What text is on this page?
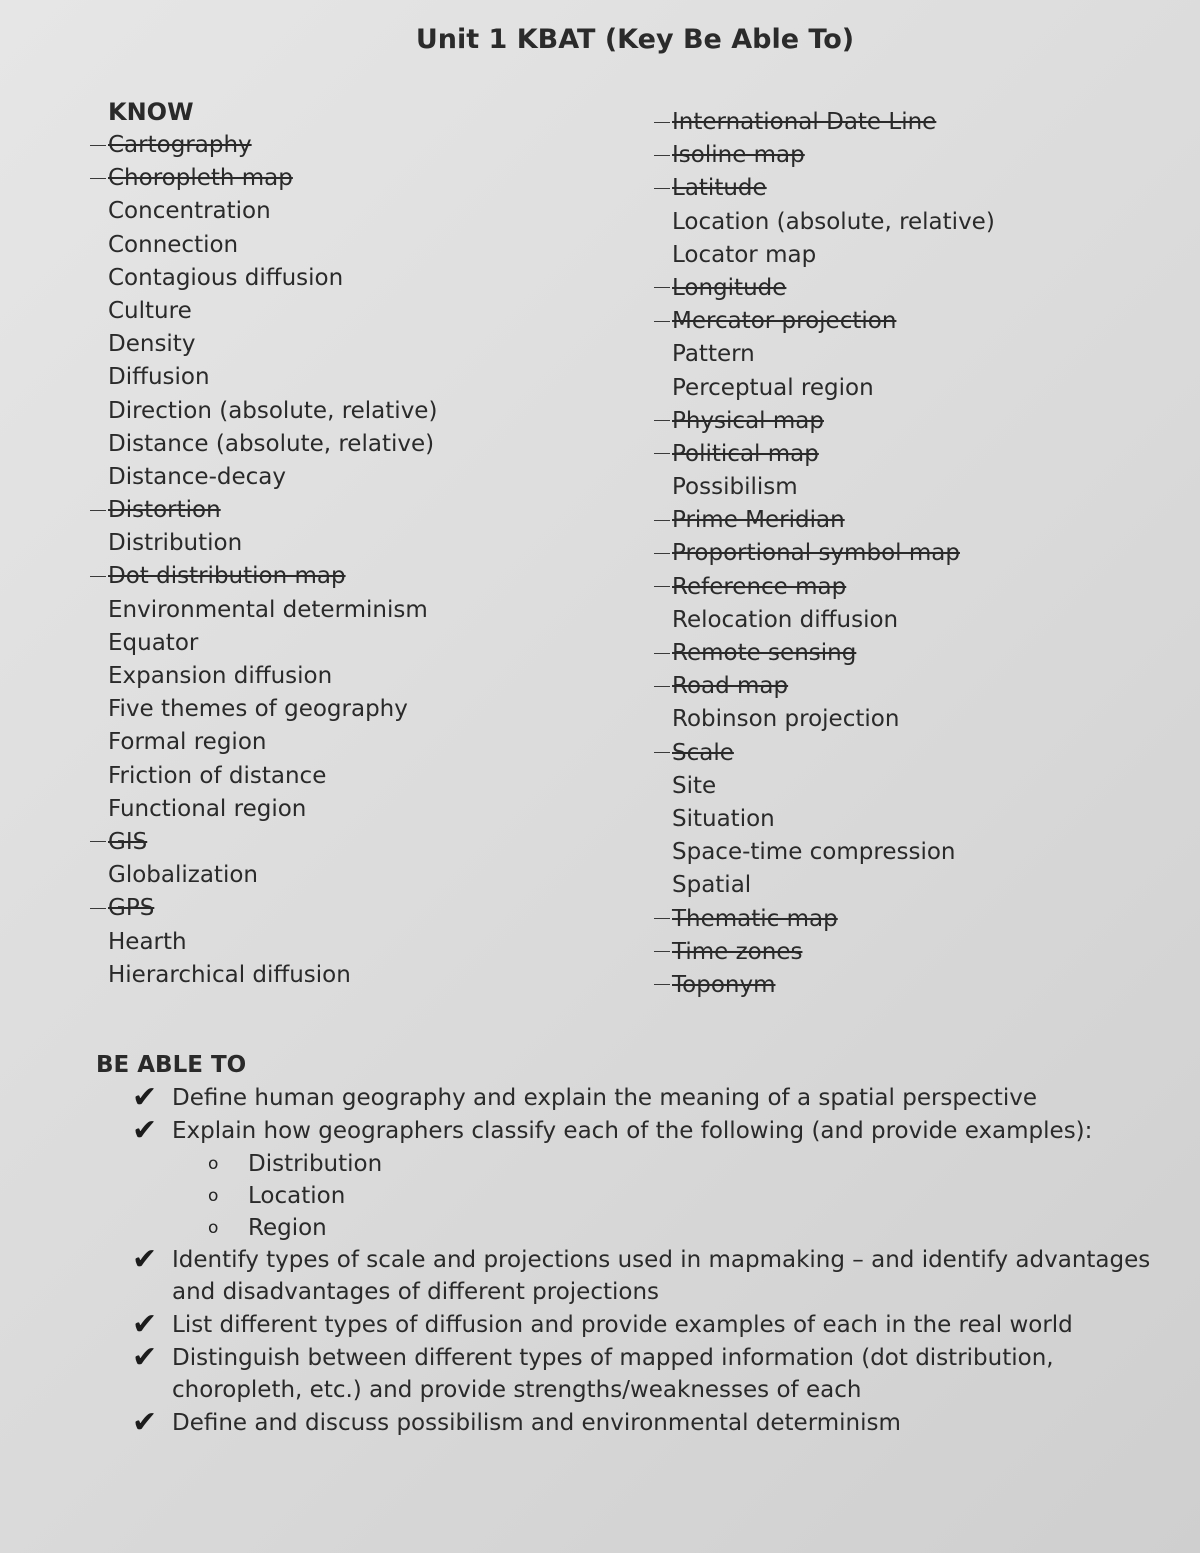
Unit 1 KBAT (Key Be Able To)
KNOW
Cartography
Choropleth map
Concentration
Connection
Contagious diffusion
Culture
Density
Diffusion
Direction (absolute, relative)
Distance (absolute, relative)
Distance-decay
Distortion
Distribution
Dot distribution map
Environmental determinism
Equator
Expansion diffusion
Five themes of geography
Formal region
Friction of distance
Functional region
GIS
Globalization
GPS
Hearth
Hierarchical diffusion
International Date Line
Isoline map
Latitude
Location (absolute, relative)
Locator map
Longitude
Mercator projection
Pattern
Perceptual region
Physical map
Political map
Possibilism
Prime Meridian
Proportional symbol map
Reference map
Relocation diffusion
Remote sensing
Road map
Robinson projection
Scale
Site
Situation
Space-time compression
Spatial
Thematic map
Time zones
Toponym
BE ABLE TO
✔ Define human geography and explain the meaning of a spatial perspective
✔ Explain how geographers classify each of the following (and provide examples):
o Distribution
o Location
o Region
✔ Identify types of scale and projections used in mapmaking – and identify advantages and disadvantages of different projections
✔ List different types of diffusion and provide examples of each in the real world
✔ Distinguish between different types of mapped information (dot distribution, choropleth, etc.) and provide strengths/weaknesses of each
✔ Define and discuss possibilism and environmental determinism
